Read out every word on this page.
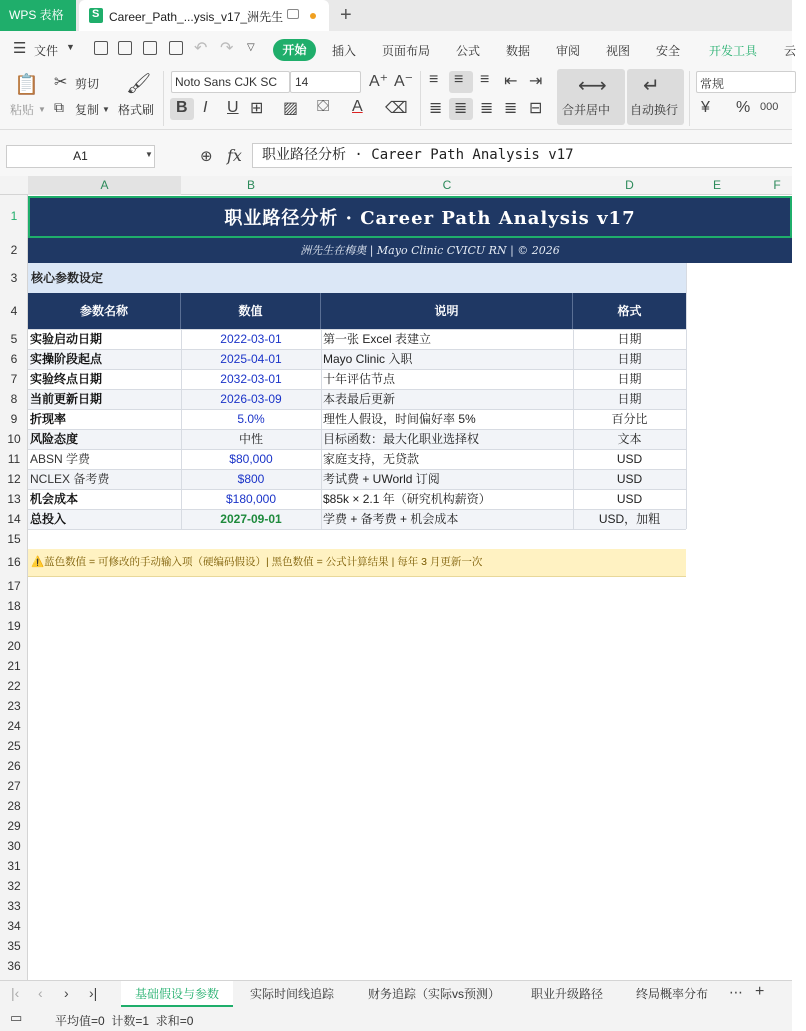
WPS 表格
S	Career_Path_...ysis_v17_洲先生	+
☰ 文件 ▼	↶ ↷ ▽	开始	插入 页面布局 公式 数据 审阅 视图 安全 开发工具 云
📋
粘贴 ▼
✂ 剪切
⧉ 复制 ▼
🖌
格式刷
Noto Sans CJK SC 14	A⁺ A⁻
B I U ⊞ ▨ ⛋ A ⌫
≡ ≡ ≡ ⇤ ⇥
≣ ≣ ≣ ≣ ⊟
⟷
合并居中
↵
自动换行
常规
¥ % 000
A1	▼	⊕ fx	职业路径分析 · Career Path Analysis v17
A	B	C	D	E	F
1
2
3
4
5
6
7
8
9
10
11
12
13
14
15
16
17
18
19
20
21
22
23
24
25
26
27
28
29
30
31
32
33
34
35
36
职业路径分析 · Career Path Analysis v17
洲先生在梅奥 | Mayo Clinic CVICU RN | © 2026
核心参数设定
参数名称	数值	说明	格式
实验启动日期	2022-03-01	第一张 Excel 表建立	日期
实操阶段起点	2025-04-01	Mayo Clinic 入职	日期
实验终点日期	2032-03-01	十年评估节点	日期
当前更新日期	2026-03-09	本表最后更新	日期
折现率	5.0%	理性人假设，时间偏好率 5%	百分比
风险态度	中性	目标函数：最大化职业选择权	文本
ABSN 学费	$80,000	家庭支持，无贷款	USD
NCLEX 备考费	$800	考试费 + UWorld 订阅	USD
机会成本	$180,000	$85k × 2.1 年（研究机构薪资）	USD
总投入	2027-09-01	学费 + 备考费 + 机会成本	USD，加粗
⚠️蓝色数值 = 可修改的手动输入项（硬编码假设）| 黑色数值 = 公式计算结果 | 每年 3 月更新一次
|‹ ‹ › ›|	基础假设与参数	实际时间线追踪	财务追踪（实际vs预测）	职业升级路径	终局概率分布 ⋯ +
▭	平均值=0  计数=1  求和=0
